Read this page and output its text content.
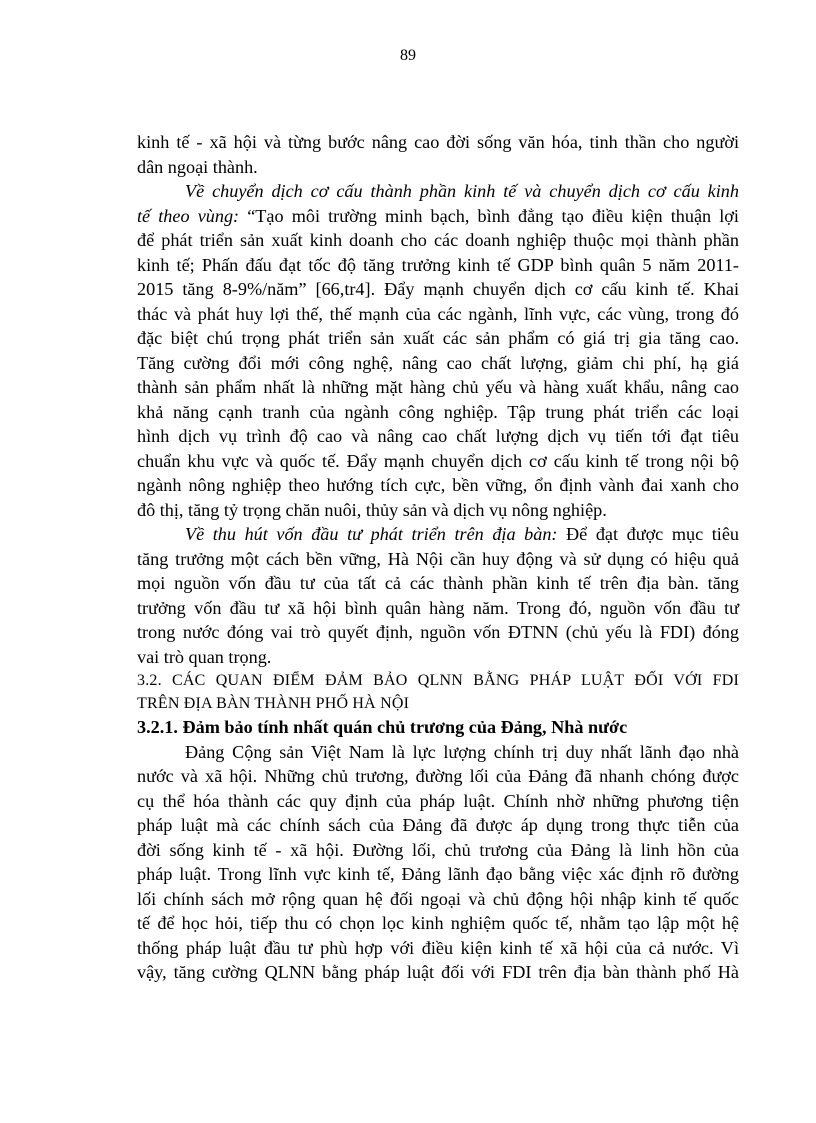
89
kinh tế - xã hội và từng bước nâng cao đời sống văn hóa, tinh thần cho người
dân ngoại thành.
Về chuyển dịch cơ cấu thành phần kinh tế và chuyển dịch cơ cấu kinh
tế theo vùng: “Tạo môi trường minh bạch, bình đẳng tạo điều kiện thuận lợi
để phát triển sản xuất kinh doanh cho các doanh nghiệp thuộc mọi thành phần
kinh tế; Phấn đấu đạt tốc độ tăng trưởng kinh tế GDP bình quân 5 năm 2011-
2015 tăng 8-9%/năm” [66,tr4]. Đẩy mạnh chuyển dịch cơ cấu kinh tế. Khai
thác và phát huy lợi thế, thế mạnh của các ngành, lĩnh vực, các vùng, trong đó
đặc biệt chú trọng phát triển sản xuất các sản phẩm có giá trị gia tăng cao.
Tăng cường đổi mới công nghệ, nâng cao chất lượng, giảm chi phí, hạ giá
thành sản phẩm nhất là những mặt hàng chủ yếu và hàng xuất khẩu, nâng cao
khả năng cạnh tranh của ngành công nghiệp. Tập trung phát triển các loại
hình dịch vụ trình độ cao và nâng cao chất lượng dịch vụ tiến tới đạt tiêu
chuẩn khu vực và quốc tế. Đẩy mạnh chuyển dịch cơ cấu kinh tế trong nội bộ
ngành nông nghiệp theo hướng tích cực, bền vững, ổn định vành đai xanh cho
đô thị, tăng tỷ trọng chăn nuôi, thủy sản và dịch vụ nông nghiệp.
Về thu hút vốn đầu tư phát triển trên địa bàn: Để đạt được mục tiêu
tăng trưởng một cách bền vững, Hà Nội cần huy động và sử dụng có hiệu quả
mọi nguồn vốn đầu tư của tất cả các thành phần kinh tế trên địa bàn. tăng
trưởng vốn đầu tư xã hội bình quân hàng năm. Trong đó, nguồn vốn đầu tư
trong nước đóng vai trò quyết định, nguồn vốn ĐTNN (chủ yếu là FDI) đóng
vai trò quan trọng.
3.2. CÁC QUAN ĐIỂM ĐẢM BẢO QLNN BẰNG PHÁP LUẬT ĐỐI VỚI FDI
TRÊN ĐỊA BÀN THÀNH PHỐ HÀ NỘI
3.2.1. Đảm bảo tính nhất quán chủ trương của Đảng, Nhà nước
Đảng Cộng sản Việt Nam là lực lượng chính trị duy nhất lãnh đạo nhà
nước và xã hội. Những chủ trương, đường lối của Đảng đã nhanh chóng được
cụ thể hóa thành các quy định của pháp luật. Chính nhờ những phương tiện
pháp luật mà các chính sách của Đảng đã được áp dụng trong thực tiễn của
đời sống kinh tế - xã hội. Đường lối, chủ trương của Đảng là linh hồn của
pháp luật. Trong lĩnh vực kinh tế, Đảng lãnh đạo bằng việc xác định rõ đường
lối chính sách mở rộng quan hệ đối ngoại và chủ động hội nhập kinh tế quốc
tế để học hỏi, tiếp thu có chọn lọc kinh nghiệm quốc tế, nhằm tạo lập một hệ
thống pháp luật đầu tư phù hợp với điều kiện kinh tế xã hội của cả nước. Vì
vậy, tăng cường QLNN bằng pháp luật đối với FDI trên địa bàn thành phố Hà
